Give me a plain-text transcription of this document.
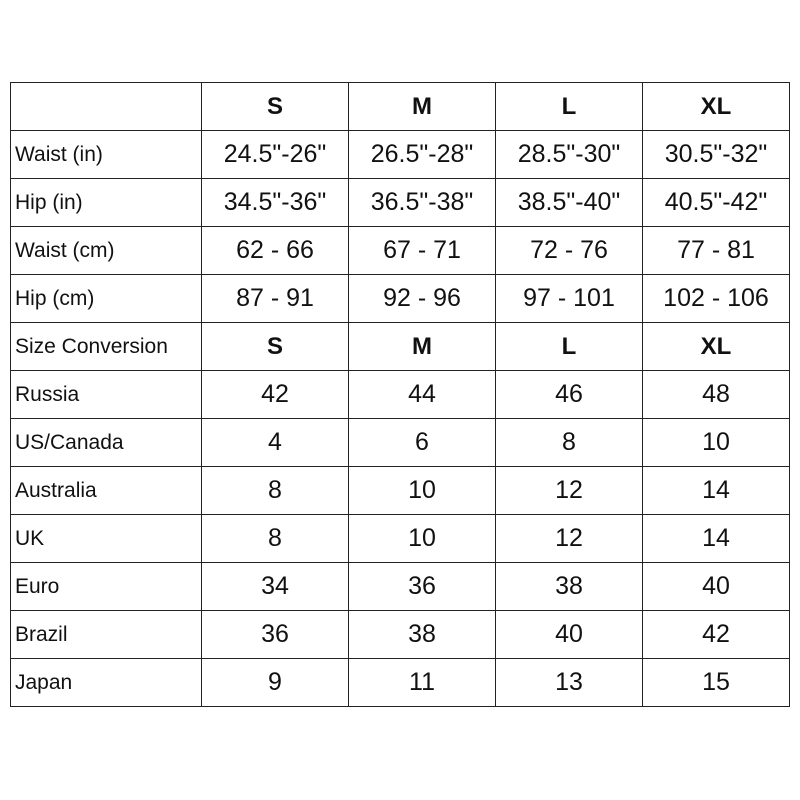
	S	M	L	XL
Waist (in)	24.5"-26"	26.5"-28"	28.5"-30"	30.5"-32"
Hip (in)	34.5"-36"	36.5"-38"	38.5"-40"	40.5"-42"
Waist (cm)	62 - 66	67 - 71	72 - 76	77 - 81
Hip (cm)	87 - 91	92 - 96	97 - 101	102 - 106
Size Conversion	S	M	L	XL
Russia	42	44	46	48
US/Canada	4	6	8	10
Australia	8	10	12	14
UK	8	10	12	14
Euro	34	36	38	40
Brazil	36	38	40	42
Japan	9	11	13	15
